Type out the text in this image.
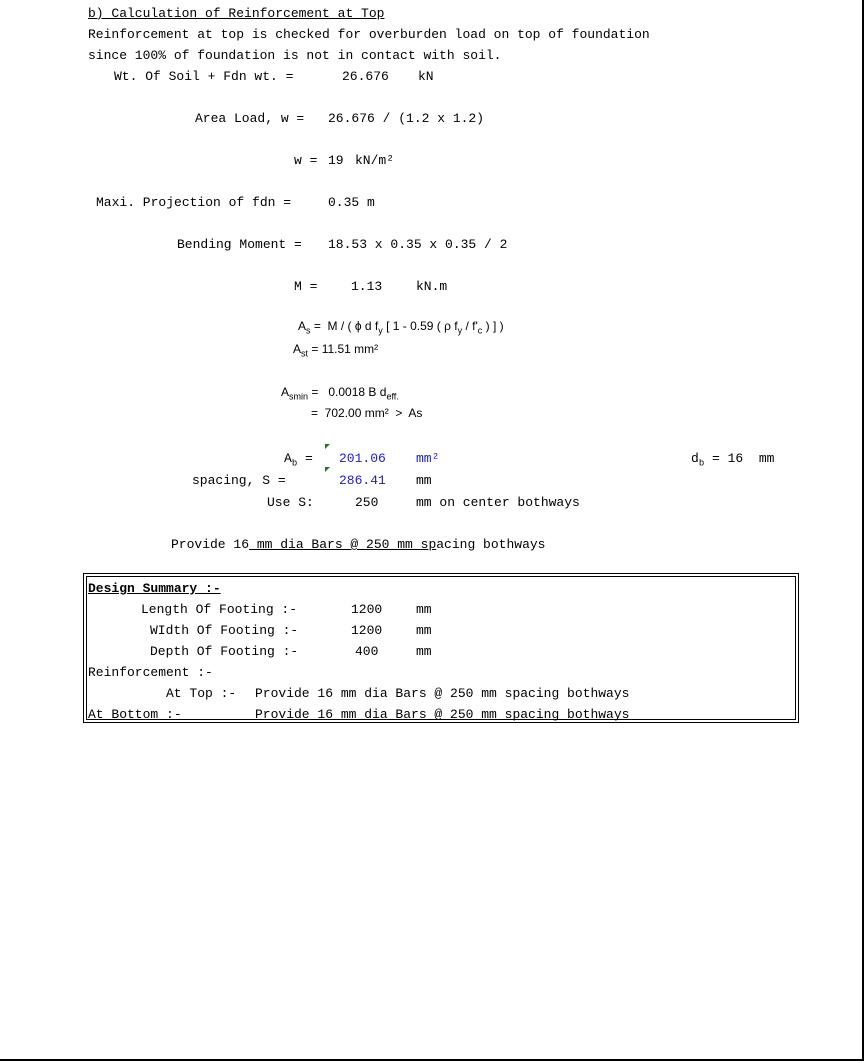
b) Calculation of Reinforcement at Top
Reinforcement at top is checked for overburden load on top of foundation
since 100% of foundation is not in contact with soil.
Wt. Of Soil + Fdn wt. =	26.676 kN
Area Load, w = 26.676 / (1.2 x 1.2)
w = 19 kN/m²
Maxi. Projection of fdn =	0.35 m
Bending Moment = 18.53 x 0.35 x 0.35 / 2
M =	1.13	kN.m
$A_s = M$ / ( ϕ d $f_y$ [ 1 - 0.59 ( ρ $f_y / f'_c$ ) ] )
$A_{st} = 11.51$ mm²
$A_{smin} = 0.0018$ B $d_{eff.}$
=  702.00 mm²  >  As
$A_b = 201.06$ mm²	$d_b = 16$  mm
spacing, S =	286.41 mm
Use S:	250	mm on center bothways
Provide 16 mm dia Bars @ 250 mm spacing bothways
Design Summary :-
Length Of Footing :-	1200	mm
WIdth Of Footing :-	1200	mm
Depth Of Footing :-	400	mm
Reinforcement :-
At Top :- Provide 16 mm dia Bars @ 250 mm spacing bothways
At Bottom :-	Provide 16 mm dia Bars @ 250 mm spacing bothways
